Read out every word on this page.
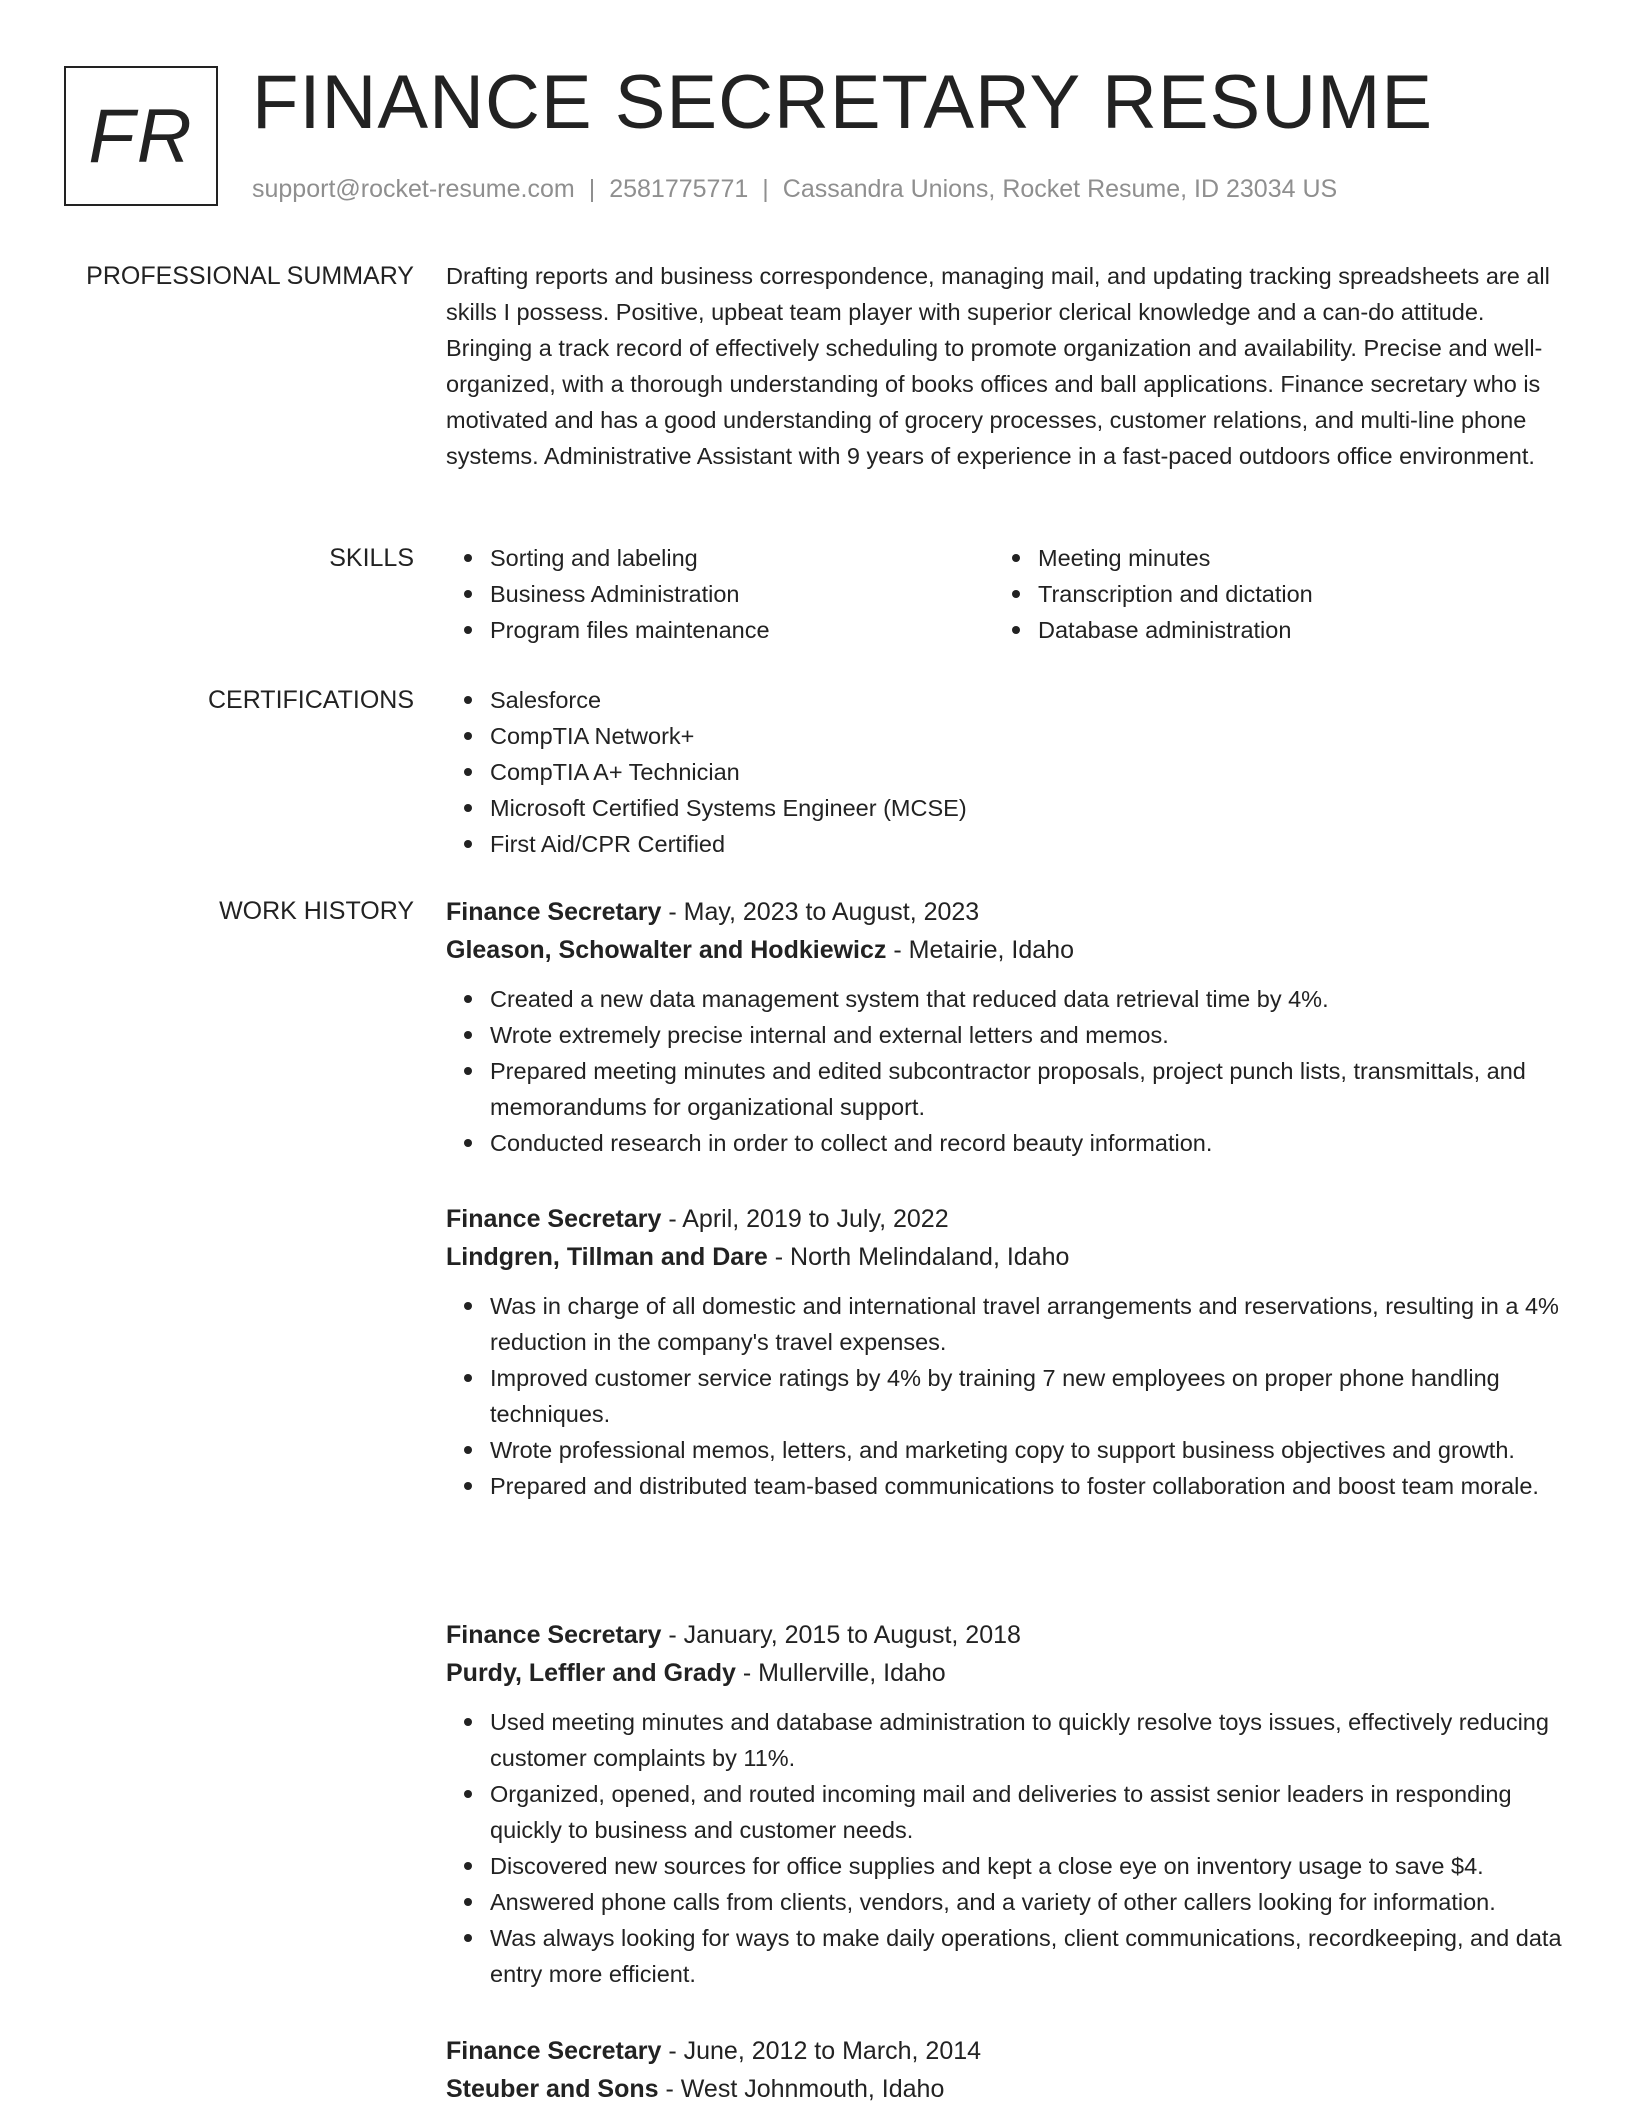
FR FINANCE SECRETARY RESUME
support@rocket-resume.com | 2581775771 | Cassandra Unions, Rocket Resume, ID 23034 US
PROFESSIONAL SUMMARY Drafting reports and business correspondence, managing mail, and updating tracking spreadsheets are all skills I possess. Positive, upbeat team player with superior clerical knowledge and a can-do attitude. Bringing a track record of effectively scheduling to promote organization and availability. Precise and well-organized, with a thorough understanding of books offices and ball applications. Finance secretary who is motivated and has a good understanding of grocery processes, customer relations, and multi-line phone systems. Administrative Assistant with 9 years of experience in a fast-paced outdoors office environment.

SKILLS	Sorting and labeling
Business Administration
Program files maintenance
Meeting minutes
Transcription and dictation
Database administration
CERTIFICATIONS	Salesforce
CompTIA Network+
CompTIA A+ Technician
Microsoft Certified Systems Engineer (MCSE)
First Aid/CPR Certified
WORK HISTORY Finance Secretary - May, 2023 to August, 2023
Gleason, Schowalter and Hodkiewicz - Metairie, Idaho
Created a new data management system that reduced data retrieval time by 4%.
Wrote extremely precise internal and external letters and memos.
Prepared meeting minutes and edited subcontractor proposals, project punch lists, transmittals, and memorandums for organizational support.
Conducted research in order to collect and record beauty information.
Finance Secretary - April, 2019 to July, 2022
Lindgren, Tillman and Dare - North Melindaland, Idaho
Was in charge of all domestic and international travel arrangements and reservations, resulting in a 4% reduction in the company's travel expenses.
Improved customer service ratings by 4% by training 7 new employees on proper phone handling techniques.
Wrote professional memos, letters, and marketing copy to support business objectives and growth.
Prepared and distributed team-based communications to foster collaboration and boost team morale.
Finance Secretary - January, 2015 to August, 2018
Purdy, Leffler and Grady - Mullerville, Idaho
Used meeting minutes and database administration to quickly resolve toys issues, effectively reducing customer complaints by 11%.
Organized, opened, and routed incoming mail and deliveries to assist senior leaders in responding quickly to business and customer needs.
Discovered new sources for office supplies and kept a close eye on inventory usage to save $4.
Answered phone calls from clients, vendors, and a variety of other callers looking for information.
Was always looking for ways to make daily operations, client communications, recordkeeping, and data entry more efficient.
Finance Secretary - June, 2012 to March, 2014
Steuber and Sons - West Johnmouth, Idaho
